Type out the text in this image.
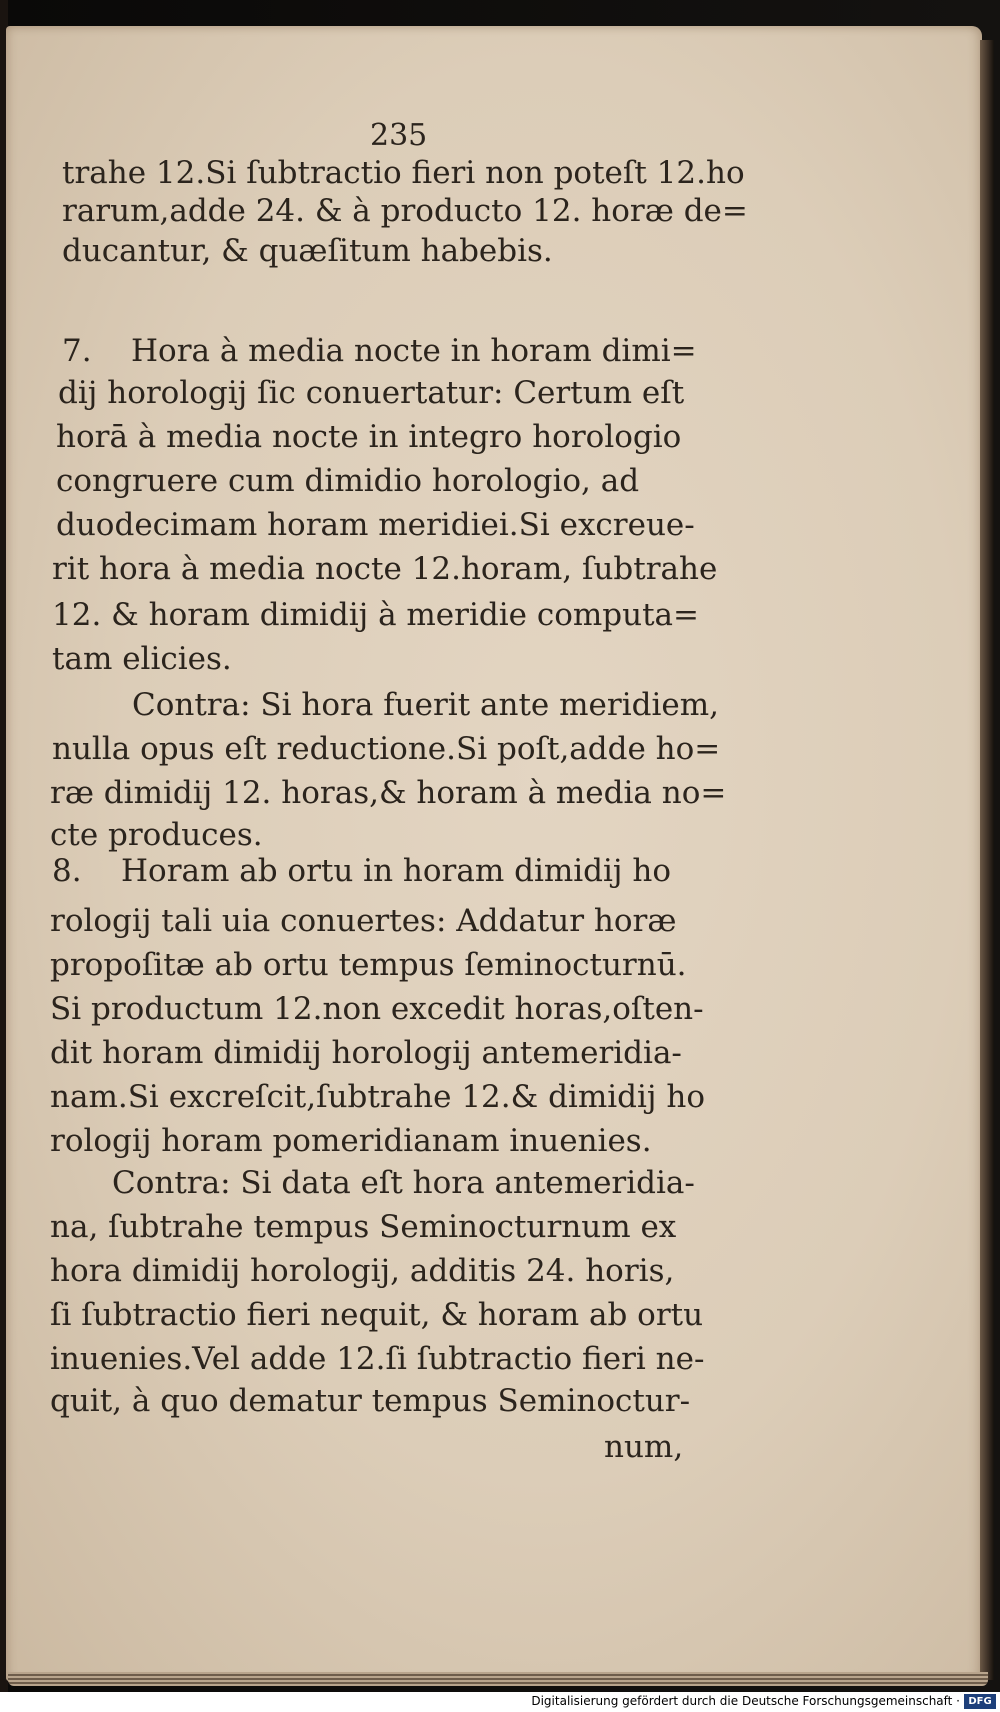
235
trahe 12.Si ſubtractio fieri non poteſt 12.ho
rarum,adde 24. & à producto 12. horæ de=
ducantur, & quæſitum habebis.
7.    Hora à media nocte in horam dimi=
dij horologij ſic conuertatur: Certum eſt
horā à media nocte in integro horologio
congruere cum dimidio horologio, ad
duodecimam horam meridiei.Si excreue-
rit hora à media nocte 12.horam, ſubtrahe
12. & horam dimidij à meridie computa=
tam elicies.
Contra: Si hora fuerit ante meridiem,
nulla opus eſt reductione.Si poſt,adde ho=
ræ dimidij 12. horas,& horam à media no=
cte produces.
8.    Horam ab ortu in horam dimidij ho
rologij tali uia conuertes: Addatur horæ
propoſitæ ab ortu tempus ſeminocturnū.
Si productum 12.non excedit horas,oſten-
dit horam dimidij horologij antemeridia-
nam.Si excreſcit,ſubtrahe 12.& dimidij ho
rologij horam pomeridianam inuenies.
Contra: Si data eſt hora antemeridia-
na, ſubtrahe tempus Seminocturnum ex
hora dimidij horologij, additis 24. horis,
ſi ſubtractio fieri nequit, & horam ab ortu
inuenies.Vel adde 12.ſi ſubtractio fieri ne-
quit, à quo dematur tempus Seminoctur-
num,
Digitalisierung gefördert durch die Deutsche Forschungsgemeinschaft · DFG
